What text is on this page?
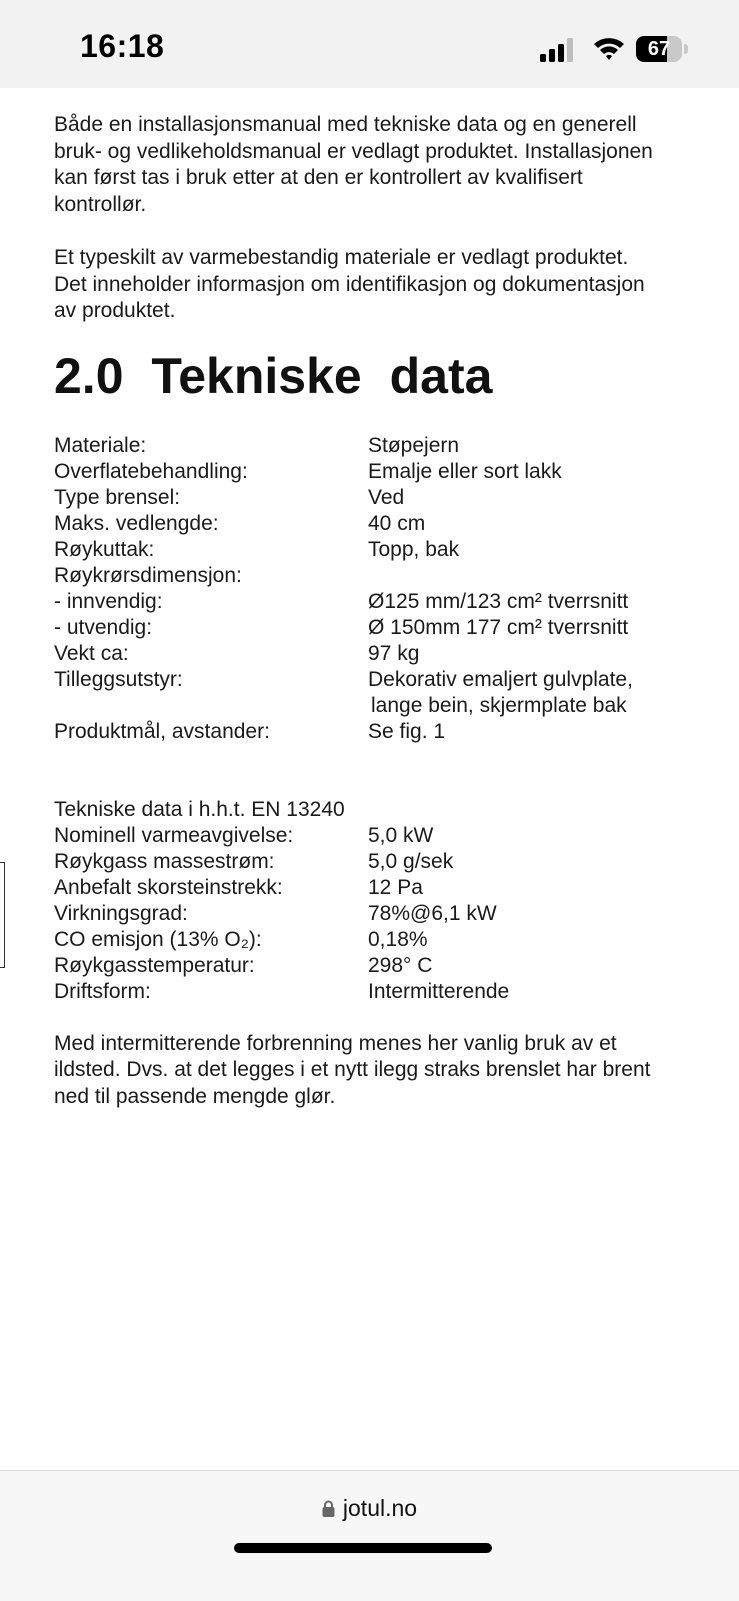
16:18	67

Både en installasjonsmanual med tekniske data og en generell bruk- og vedlikeholdsmanual er vedlagt produktet. Installasjonen kan først tas i bruk etter at den er kontrollert av kvalifisert kontrollør.

Et typeskilt av varmebestandig materiale er vedlagt produktet. Det inneholder informasjon om identifikasjon og dokumentasjon av produktet.

2.0 Tekniske data
Materiale:	Støpejern
Overflatebehandling:	Emalje eller sort lakk
Type brensel:	Ved
Maks. vedlengde:	40 cm
Røykuttak:	Topp, bak
Røykrørsdimensjon:
- innvendig:	Ø125 mm/123 cm² tverrsnitt
- utvendig:	Ø 150mm 177 cm² tverrsnitt
Vekt ca:	97 kg
Tilleggsutstyr:	Dekorativ emaljert gulvplate,
lange bein, skjermplate bak
Produktmål, avstander:	Se fig. 1
Tekniske data i h.h.t. EN 13240
Nominell varmeavgivelse:	5,0 kW
Røykgass massestrøm:	5,0 g/sek
Anbefalt skorsteinstrekk:	12 Pa
Virkningsgrad:	78%@6,1 kW
CO emisjon (13% O₂):	0,18%
Røykgasstemperatur:	298° C
Driftsform:	Intermitterende

Med intermitterende forbrenning menes her vanlig bruk av et ildsted. Dvs. at det legges i et nytt ilegg straks brenslet har brent ned til passende mengde glør.

jotul.no
